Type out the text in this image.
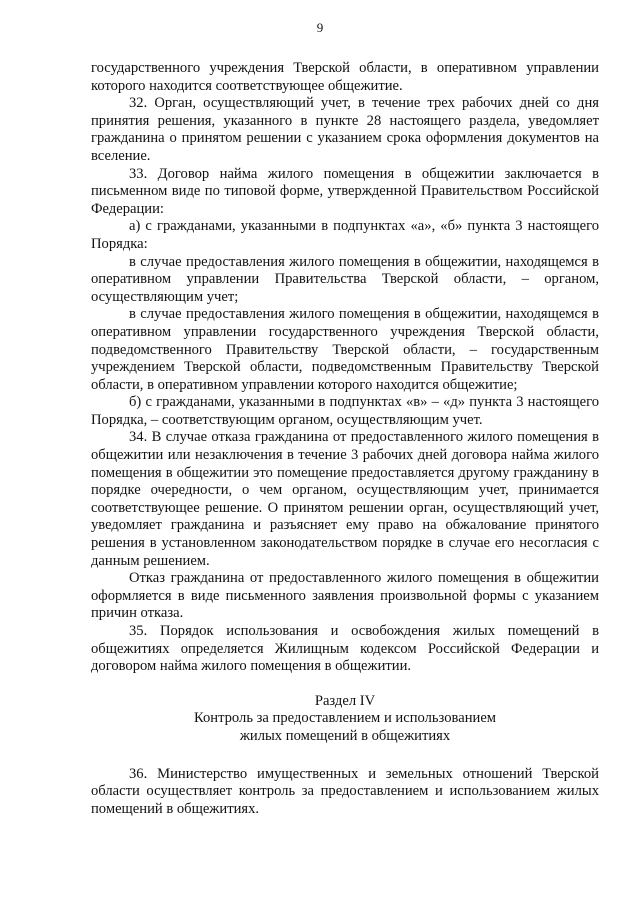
9

государственного учреждения Тверской области, в оперативном управлении которого находится соответствующее общежитие.

32. Орган, осуществляющий учет, в течение трех рабочих дней со дня принятия решения, указанного в пункте 28 настоящего раздела, уведомляет гражданина о принятом решении с указанием срока оформления документов на вселение.

33. Договор найма жилого помещения в общежитии заключается в письменном виде по типовой форме, утвержденной Правительством Российской Федерации:

а) с гражданами, указанными в подпунктах «а», «б» пункта 3 настоящего Порядка:

в случае предоставления жилого помещения в общежитии, находящемся в оперативном управлении Правительства Тверской области, – органом, осуществляющим учет;

в случае предоставления жилого помещения в общежитии, находящемся в оперативном управлении государственного учреждения Тверской области, подведомственного Правительству Тверской области, – государственным учреждением Тверской области, подведомственным Правительству Тверской области, в оперативном управлении которого находится общежитие;

б) с гражданами, указанными в подпунктах «в» – «д» пункта 3 настоящего Порядка, – соответствующим органом, осуществляющим учет.

34. В случае отказа гражданина от предоставленного жилого помещения в общежитии или незаключения в течение 3 рабочих дней договора найма жилого помещения в общежитии это помещение предоставляется другому гражданину в порядке очередности, о чем органом, осуществляющим учет, принимается соответствующее решение. О принятом решении орган, осуществляющий учет, уведомляет гражданина и разъясняет ему право на обжалование принятого решения в установленном законодательством порядке в случае его несогласия с данным решением.

Отказ гражданина от предоставленного жилого помещения в общежитии оформляется в виде письменного заявления произвольной формы с указанием причин отказа.

35. Порядок использования и освобождения жилых помещений в общежитиях определяется Жилищным кодексом Российской Федерации и договором найма жилого помещения в общежитии.

Раздел IV

Контроль за предоставлением и использованием

жилых помещений в общежитиях

36. Министерство имущественных и земельных отношений Тверской области осуществляет контроль за предоставлением и использованием жилых помещений в общежитиях.
